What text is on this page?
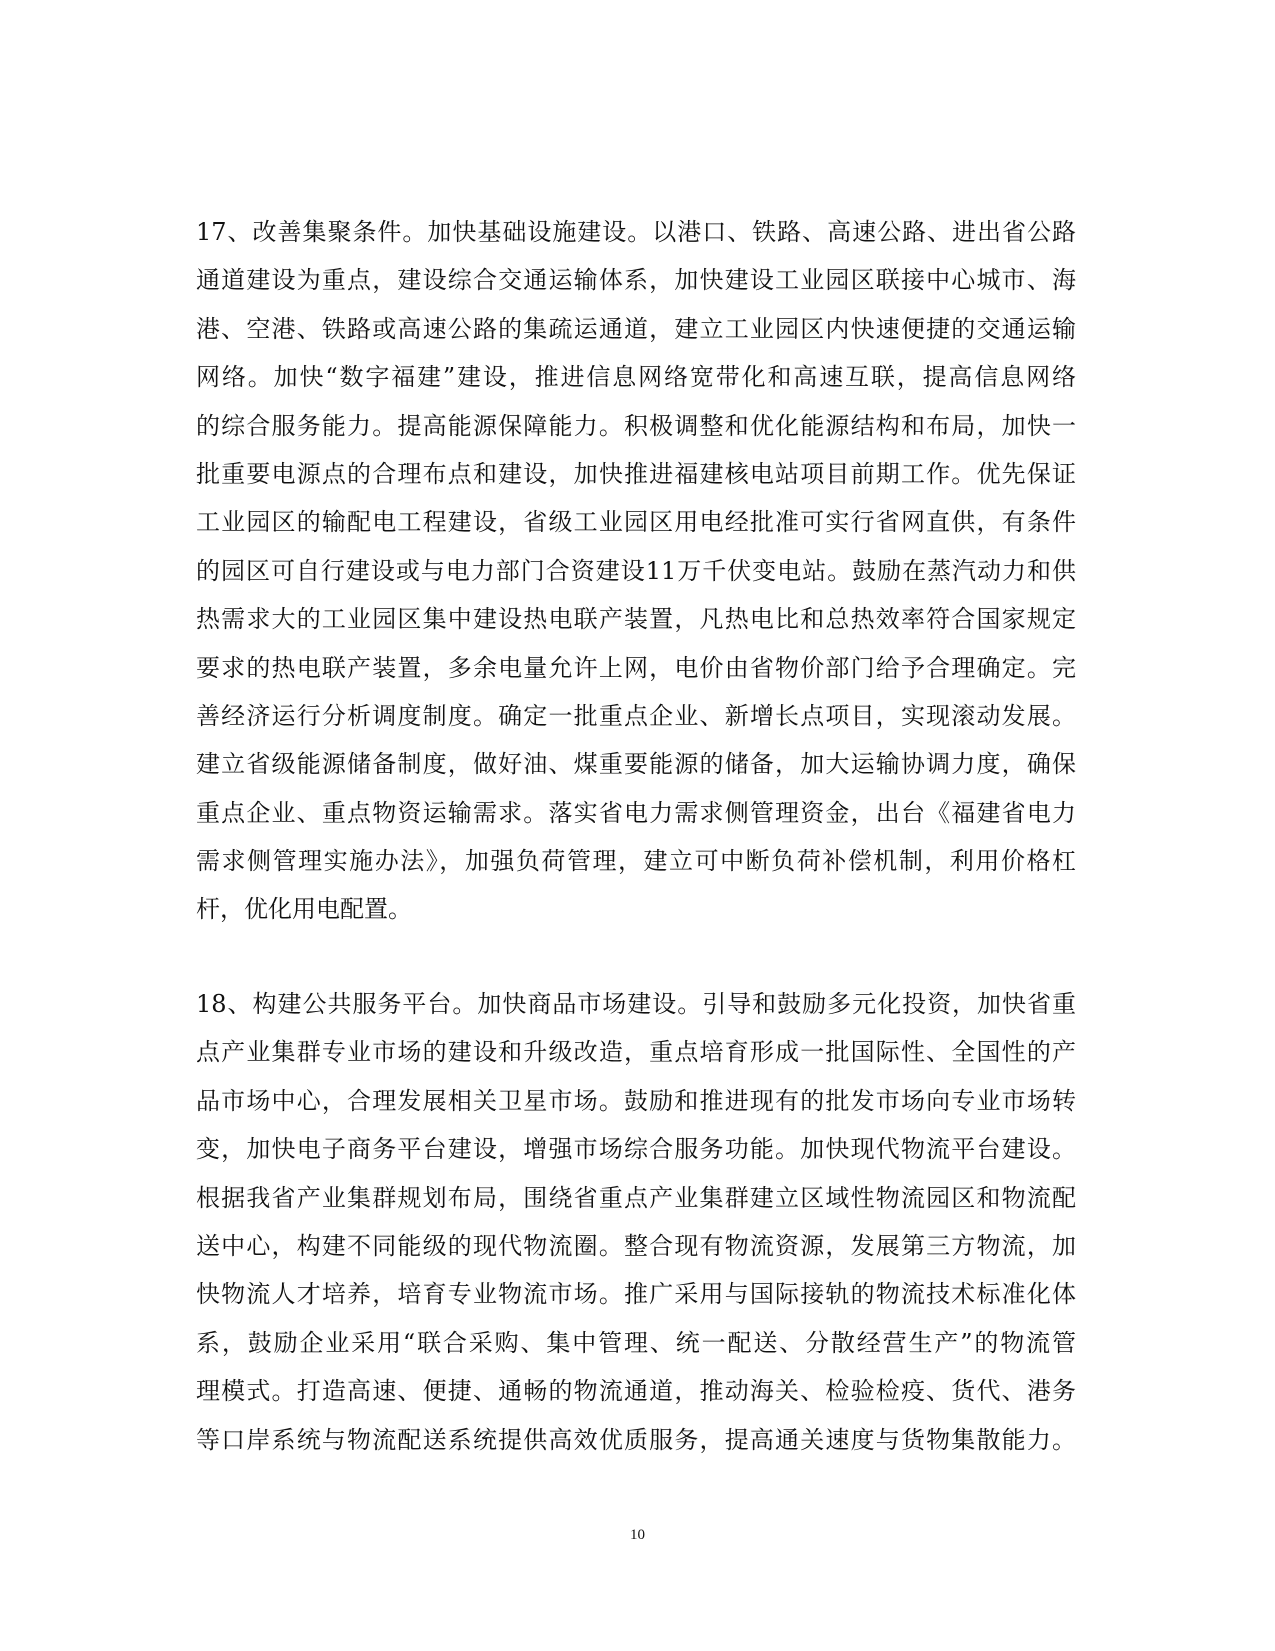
17、改善集聚条件。加快基础设施建设。以港口、铁路、高速公路、进出省公路
通道建设为重点，建设综合交通运输体系，加快建设工业园区联接中心城市、海
港、空港、铁路或高速公路的集疏运通道，建立工业园区内快速便捷的交通运输
网络。加快“数字福建”建设，推进信息网络宽带化和高速互联，提高信息网络
的综合服务能力。提高能源保障能力。积极调整和优化能源结构和布局，加快一
批重要电源点的合理布点和建设，加快推进福建核电站项目前期工作。优先保证
工业园区的输配电工程建设，省级工业园区用电经批准可实行省网直供，有条件
的园区可自行建设或与电力部门合资建设11万千伏变电站。鼓励在蒸汽动力和供
热需求大的工业园区集中建设热电联产装置，凡热电比和总热效率符合国家规定
要求的热电联产装置，多余电量允许上网，电价由省物价部门给予合理确定。完
善经济运行分析调度制度。确定一批重点企业、新增长点项目，实现滚动发展。
建立省级能源储备制度，做好油、煤重要能源的储备，加大运输协调力度，确保
重点企业、重点物资运输需求。落实省电力需求侧管理资金，出台《福建省电力
需求侧管理实施办法》，加强负荷管理，建立可中断负荷补偿机制，利用价格杠
杆，优化用电配置。
18、构建公共服务平台。加快商品市场建设。引导和鼓励多元化投资，加快省重
点产业集群专业市场的建设和升级改造，重点培育形成一批国际性、全国性的产
品市场中心，合理发展相关卫星市场。鼓励和推进现有的批发市场向专业市场转
变，加快电子商务平台建设，增强市场综合服务功能。加快现代物流平台建设。
根据我省产业集群规划布局，围绕省重点产业集群建立区域性物流园区和物流配
送中心，构建不同能级的现代物流圈。整合现有物流资源，发展第三方物流，加
快物流人才培养，培育专业物流市场。推广采用与国际接轨的物流技术标准化体
系，鼓励企业采用“联合采购、集中管理、统一配送、分散经营生产”的物流管
理模式。打造高速、便捷、通畅的物流通道，推动海关、检验检疫、货代、港务
等口岸系统与物流配送系统提供高效优质服务，提高通关速度与货物集散能力。
10
